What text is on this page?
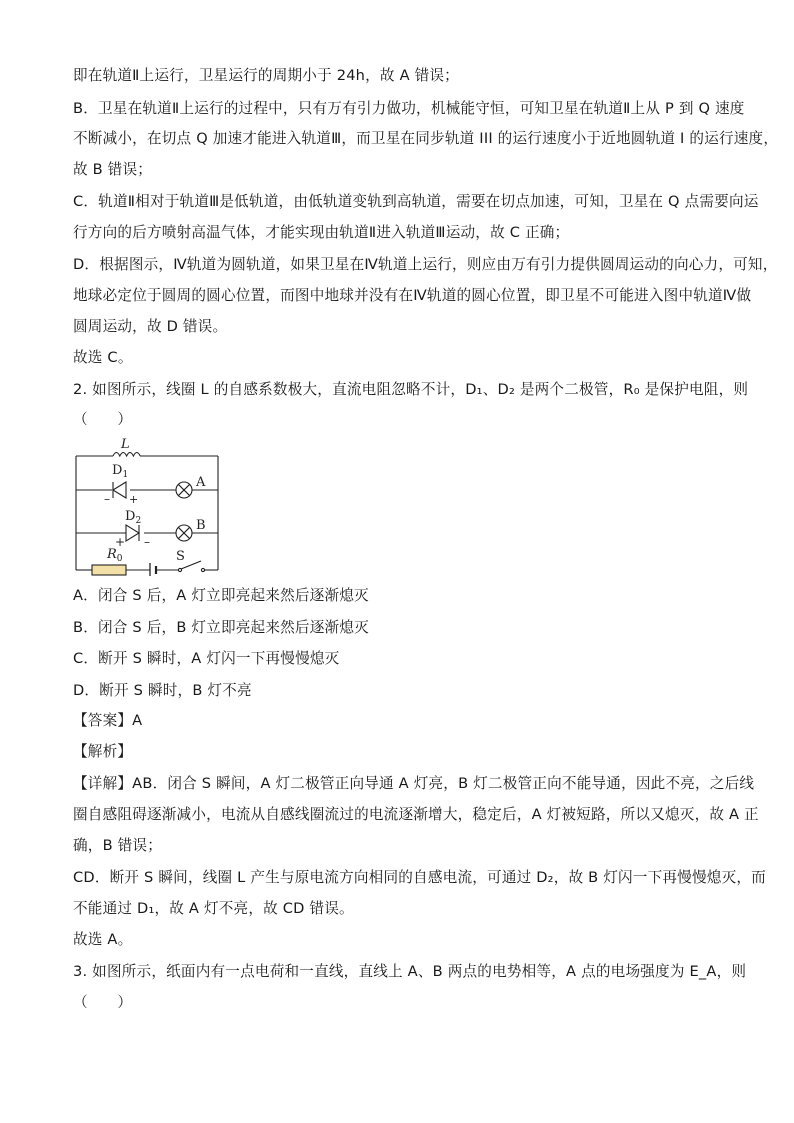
即在轨道Ⅱ上运行，卫星运行的周期小于 24h，故 A 错误；
B．卫星在轨道Ⅱ上运行的过程中，只有万有引力做功，机械能守恒，可知卫星在轨道Ⅱ上从 P 到 Q 速度
不断减小，在切点 Q 加速才能进入轨道Ⅲ，而卫星在同步轨道 III 的运行速度小于近地圆轨道 I 的运行速度，
故 B 错误；
C．轨道Ⅱ相对于轨道Ⅲ是低轨道，由低轨道变轨到高轨道，需要在切点加速，可知，卫星在 Q 点需要向运
行方向的后方喷射高温气体，才能实现由轨道Ⅱ进入轨道Ⅲ运动，故 C 正确；
D．根据图示，Ⅳ轨道为圆轨道，如果卫星在Ⅳ轨道上运行，则应由万有引力提供圆周运动的向心力，可知，
地球必定位于圆周的圆心位置，而图中地球并没有在Ⅳ轨道的圆心位置，即卫星不可能进入图中轨道Ⅳ做
圆周运动，故 D 错误。
故选 C。
2. 如图所示，线圈 L 的自感系数极大，直流电阻忽略不计，D₁、D₂ 是两个二极管，R₀ 是保护电阻，则
（　　）
L
$D_1$
– +
A
$D_2$
+ –
B
$R_0$	S
A．闭合 S 后，A 灯立即亮起来然后逐渐熄灭
B．闭合 S 后，B 灯立即亮起来然后逐渐熄灭
C．断开 S 瞬时，A 灯闪一下再慢慢熄灭
D．断开 S 瞬时，B 灯不亮
【答案】A
【解析】
【详解】AB．闭合 S 瞬间，A 灯二极管正向导通 A 灯亮，B 灯二极管正向不能导通，因此不亮，之后线
圈自感阻碍逐渐减小，电流从自感线圈流过的电流逐渐增大，稳定后，A 灯被短路，所以又熄灭，故 A 正
确，B 错误；
CD．断开 S 瞬间，线圈 L 产生与原电流方向相同的自感电流，可通过 D₂，故 B 灯闪一下再慢慢熄灭，而
不能通过 D₁，故 A 灯不亮，故 CD 错误。
故选 A。
3. 如图所示，纸面内有一点电荷和一直线，直线上 A、B 两点的电势相等，A 点的电场强度为 E_A，则
（　　）
